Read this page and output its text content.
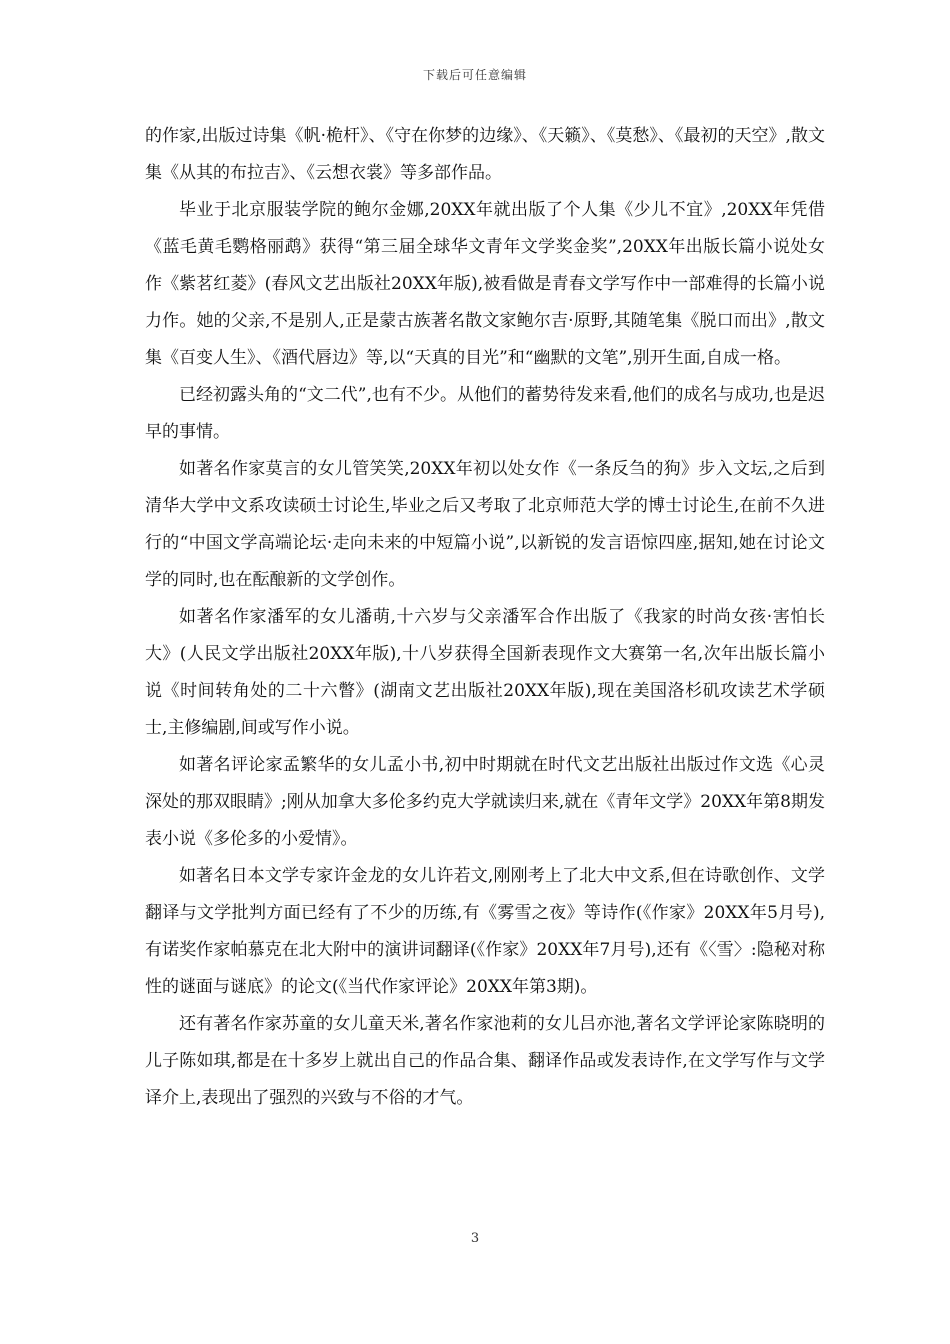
下载后可任意编辑

的作家,出版过诗集《帆·桅杆》、《守在你梦的边缘》、《天籁》、《莫愁》、《最初的天空》,散文集《从其的布拉吉》、《云想衣裳》等多部作品。

毕业于北京服装学院的鲍尔金娜,20XX年就出版了个人集《少儿不宜》,20XX年凭借《蓝毛黄毛鹦格丽鹉》获得“第三届全球华文青年文学奖金奖”,20XX年出版长篇小说处女作《紫茗红菱》(春风文艺出版社20XX年版),被看做是青春文学写作中一部难得的长篇小说力作。她的父亲,不是别人,正是蒙古族著名散文家鲍尔吉·原野,其随笔集《脱口而出》,散文集《百变人生》、《酒代唇边》等,以“天真的目光”和“幽默的文笔”,别开生面,自成一格。

已经初露头角的“文二代”,也有不少。从他们的蓄势待发来看,他们的成名与成功,也是迟早的事情。

如著名作家莫言的女儿管笑笑,20XX年初以处女作《一条反刍的狗》步入文坛,之后到清华大学中文系攻读硕士讨论生,毕业之后又考取了北京师范大学的博士讨论生,在前不久进行的“中国文学高端论坛·走向未来的中短篇小说”,以新锐的发言语惊四座,据知,她在讨论文学的同时,也在酝酿新的文学创作。

如著名作家潘军的女儿潘萌,十六岁与父亲潘军合作出版了《我家的时尚女孩·害怕长大》(人民文学出版社20XX年版),十八岁获得全国新表现作文大赛第一名,次年出版长篇小说《时间转角处的二十六瞥》(湖南文艺出版社20XX年版),现在美国洛杉矶攻读艺术学硕士,主修编剧,间或写作小说。

如著名评论家孟繁华的女儿孟小书,初中时期就在时代文艺出版社出版过作文选《心灵深处的那双眼睛》;刚从加拿大多伦多约克大学就读归来,就在《青年文学》20XX年第8期发表小说《多伦多的小爱情》。

如著名日本文学专家许金龙的女儿许若文,刚刚考上了北大中文系,但在诗歌创作、文学翻译与文学批判方面已经有了不少的历练,有《雾雪之夜》等诗作(《作家》20XX年5月号),有诺奖作家帕慕克在北大附中的演讲词翻译(《作家》20XX年7月号),还有《〈雪〉:隐秘对称性的谜面与谜底》的论文(《当代作家评论》20XX年第3期)。

还有著名作家苏童的女儿童天米,著名作家池莉的女儿吕亦池,著名文学评论家陈晓明的儿子陈如琪,都是在十多岁上就出自己的作品合集、翻译作品或发表诗作,在文学写作与文学译介上,表现出了强烈的兴致与不俗的才气。

3
